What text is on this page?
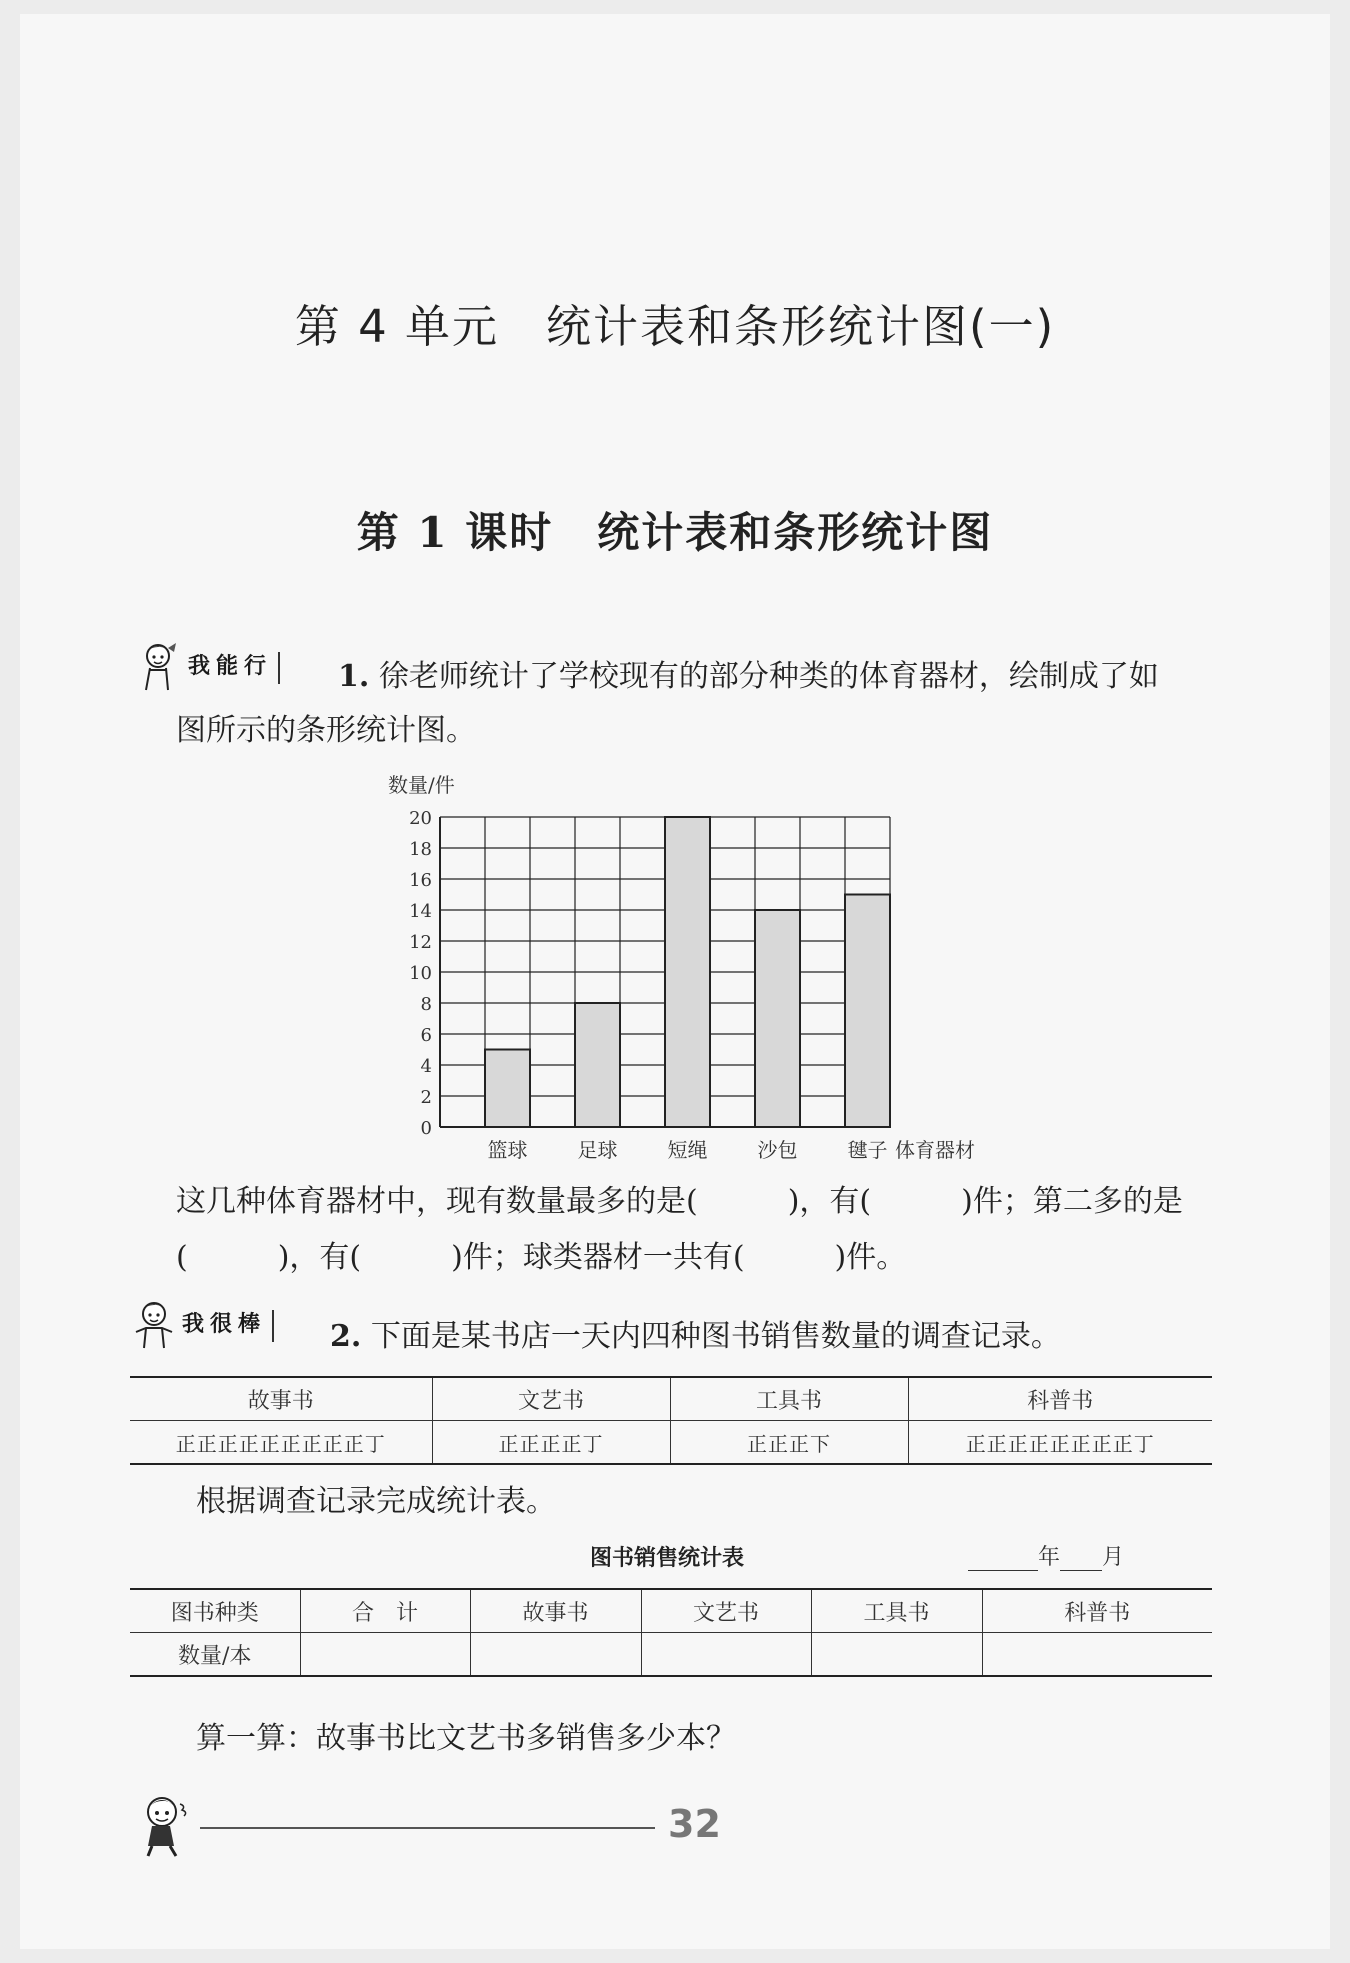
第 4 单元　统计表和条形统计图(一)
第 1 课时　统计表和条形统计图
我能行 1. 徐老师统计了学校现有的部分种类的体育器材，绘制成了如
图所示的条形统计图。
0
2
4
6
8
10
12
14
16
18
20
篮球	足球	短绳	沙包	毽子
数量/件
体育器材
这几种体育器材中，现有数量最多的是(　　　)，有(　　　)件；第二多的是
(　　　)，有(　　　)件；球类器材一共有(　　　)件。
我很棒 2. 下面是某书店一天内四种图书销售数量的调查记录。
故事书	文艺书	工具书	科普书
正正正正正正正正正丁	正正正正丁	正正正下	正正正正正正正正丁
根据调查记录完成统计表。
图书销售统计表	年 月
图书种类	合　计	故事书	文艺书	工具书	科普书
数量/本					
算一算：故事书比文艺书多销售多少本？
32
